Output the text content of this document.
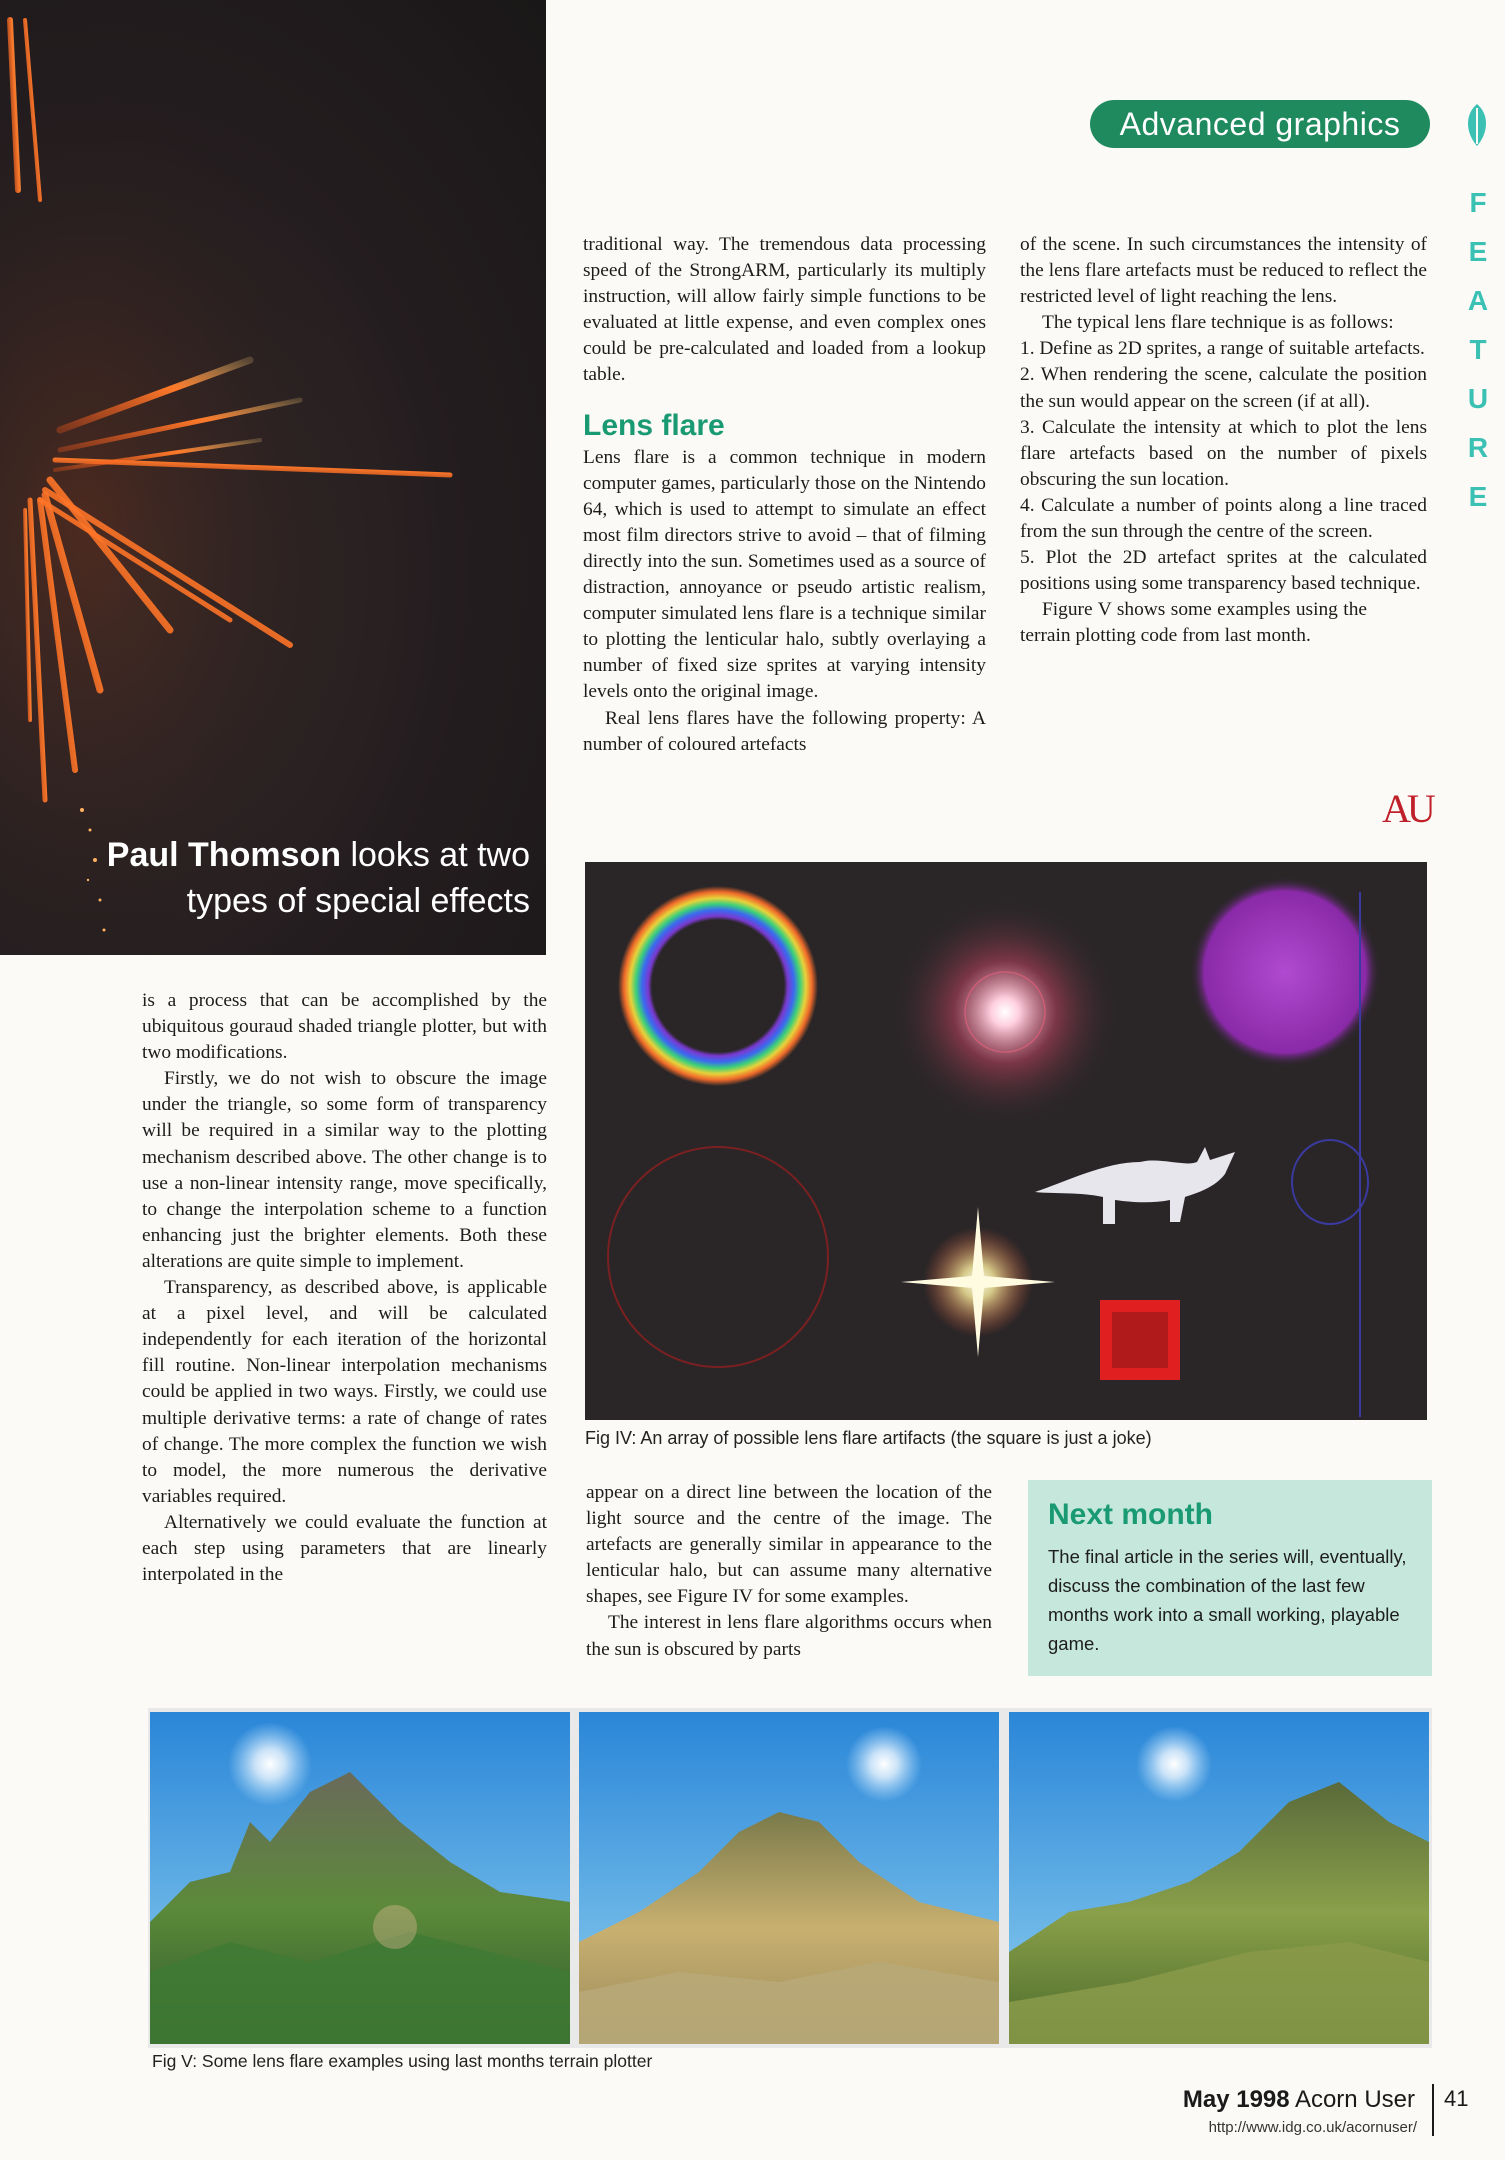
Advanced graphics
F
E
A
T
U
R
E
Paul Thomson looks at two types of special effects

is a process that can be accomplished by the ubiquitous gouraud shaded triangle plotter, but with two modifications.

Firstly, we do not wish to obscure the image under the triangle, so some form of transparency will be required in a similar way to the plotting mechanism described above. The other change is to use a non-linear intensity range, move specifically, to change the interpolation scheme to a function enhancing just the brighter elements. Both these alterations are quite simple to implement.

Transparency, as described above, is applicable at a pixel level, and will be calculated independently for each iteration of the horizontal fill routine. Non-linear interpolation mechanisms could be applied in two ways. Firstly, we could use multiple derivative terms: a rate of change of rates of change. The more complex the function we wish to model, the more numerous the derivative variables required.

Alternatively we could evaluate the function at each step using parameters that are linearly interpolated in the

traditional way. The tremendous data processing speed of the StrongARM, particularly its multiply instruction, will allow fairly simple functions to be evaluated at little expense, and even complex ones could be pre-calculated and loaded from a lookup table.

Lens flare

Lens flare is a common technique in modern computer games, particularly those on the Nintendo 64, which is used to attempt to simulate an effect most film directors strive to avoid – that of filming directly into the sun. Sometimes used as a source of distraction, annoyance or pseudo artistic realism, computer simulated lens flare is a technique similar to plotting the lenticular halo, subtly overlaying a number of fixed size sprites at varying intensity levels onto the original image.

Real lens flares have the following property: A number of coloured artefacts

of the scene. In such circumstances the intensity of the lens flare artefacts must be reduced to reflect the restricted level of light reaching the lens.

The typical lens flare technique is as follows:

1. Define as 2D sprites, a range of suitable artefacts.

2. When rendering the scene, calculate the position the sun would appear on the screen (if at all).

3. Calculate the intensity at which to plot the lens flare artefacts based on the number of pixels obscuring the sun location.

4. Calculate a number of points along a line traced from the sun through the centre of the screen.

5. Plot the 2D artefact sprites at the calculated positions using some transparency based technique.

Figure V shows some examples using the terrain plotting code from last month.

AU
Fig IV: An array of possible lens flare artifacts (the square is just a joke)

appear on a direct line between the location of the light source and the centre of the image. The artefacts are generally similar in appearance to the lenticular halo, but can assume many alternative shapes, see Figure IV for some examples.

The interest in lens flare algorithms occurs when the sun is obscured by parts

Next month

The final article in the series will, eventually, discuss the combination of the last few months work into a small working, playable game.

Fig V: Some lens flare examples using last months terrain plotter
May 1998 Acorn User 41
http://www.idg.co.uk/acornuser/
